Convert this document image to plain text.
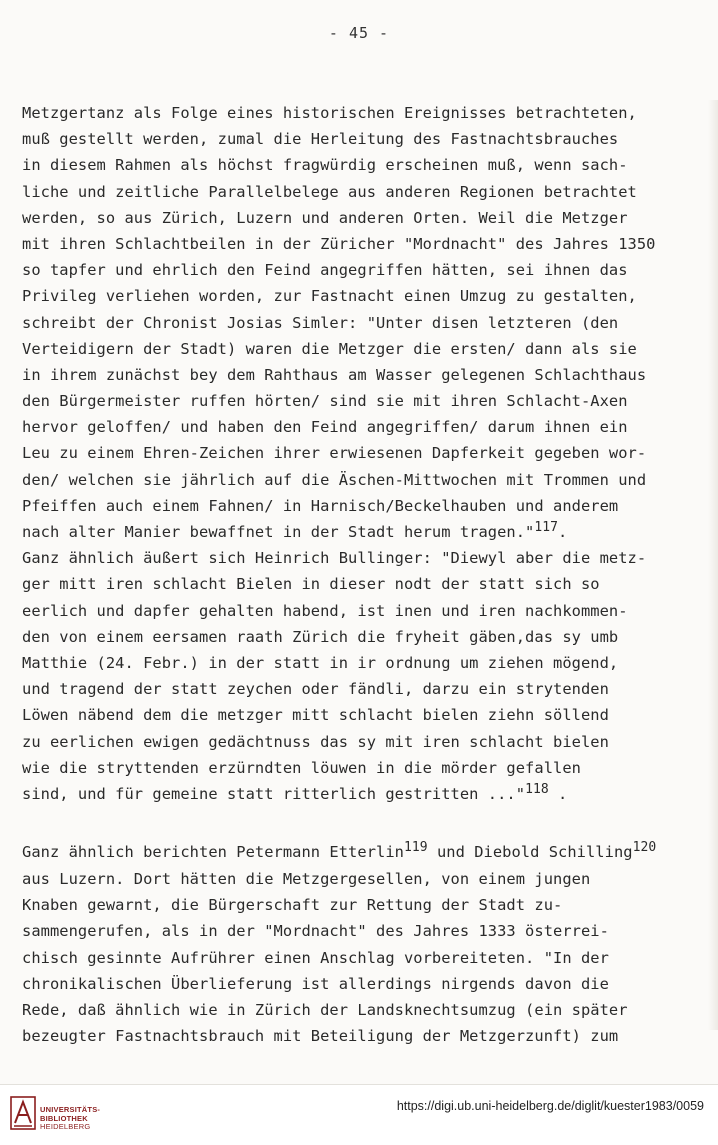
- 45 -
Metzgertanz als Folge eines historischen Ereignisses betrachteten,
muß gestellt werden, zumal die Herleitung des Fastnachtsbrauches
in diesem Rahmen als höchst fragwürdig erscheinen muß, wenn sach-
liche und zeitliche Parallelbelege aus anderen Regionen betrachtet
werden, so aus Zürich, Luzern und anderen Orten. Weil die Metzger
mit ihren Schlachtbeilen in der Züricher "Mordnacht" des Jahres 1350
so tapfer und ehrlich den Feind angegriffen hätten, sei ihnen das
Privileg verliehen worden, zur Fastnacht einen Umzug zu gestalten,
schreibt der Chronist Josias Simler: "Unter disen letzteren (den
Verteidigern der Stadt) waren die Metzger die ersten/ dann als sie
in ihrem zunächst bey dem Rahthaus am Wasser gelegenen Schlachthaus
den Bürgermeister ruffen hörten/ sind sie mit ihren Schlacht-Axen
hervor geloffen/ und haben den Feind angegriffen/ darum ihnen ein
Leu zu einem Ehren-Zeichen ihrer erwiesenen Dapferkeit gegeben wor-
den/ welchen sie jährlich auf die Äschen-Mittwochen mit Trommen und
Pfeiffen auch einem Fahnen/ in Harnisch/Beckelhauben und anderem
nach alter Manier bewaffnet in der Stadt herum tragen."$^{117}$.
Ganz ähnlich äußert sich Heinrich Bullinger: "Diewyl aber die metz-
ger mitt iren schlacht Bielen in dieser nodt der statt sich so
eerlich und dapfer gehalten habend, ist inen und iren nachkommen-
den von einem eersamen raath Zürich die fryheit gäben,das sy umb
Matthie (24. Febr.) in der statt in ir ordnung um ziehen mögend,
und tragend der statt zeychen oder fändli, darzu ein strytenden
Löwen näbend dem die metzger mitt schlacht bielen ziehn söllend
zu eerlichen ewigen gedächtnuss das sy mit iren schlacht bielen
wie die stryttenden erzürndten löuwen in die mörder gefallen
sind, und für gemeine statt ritterlich gestritten ..."$^{118}$ .
Ganz ähnlich berichten Petermann Etterlin$^{119}$ und Diebold Schilling$^{120}$
aus Luzern. Dort hätten die Metzgergesellen, von einem jungen
Knaben gewarnt, die Bürgerschaft zur Rettung der Stadt zu-
sammengerufen, als in der "Mordnacht" des Jahres 1333 österrei-
chisch gesinnte Aufrührer einen Anschlag vorbereiteten. "In der
chronikalischen Überlieferung ist allerdings nirgends davon die
Rede, daß ähnlich wie in Zürich der Landsknechtsumzug (ein später
bezeugter Fastnachtsbrauch mit Beteiligung der Metzgerzunft) zum
UNIVERSITÄTS-
BIBLIOTHEK
HEIDELBERG
https://digi.ub.uni-heidelberg.de/diglit/kuester1983/0059
